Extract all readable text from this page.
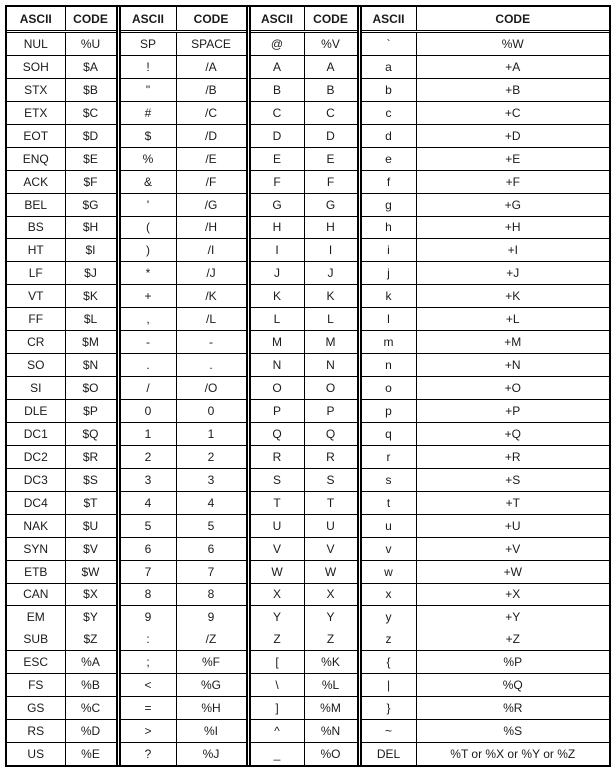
ASCII	CODE	ASCII	CODE	ASCII	CODE	ASCII	CODE
NUL	%U	SP	SPACE	@	%V	`	%W
SOH	$A	!	/A	A	A	a	+A
STX	$B	"	/B	B	B	b	+B
ETX	$C	#	/C	C	C	c	+C
EOT	$D	$	/D	D	D	d	+D
ENQ	$E	%	/E	E	E	e	+E
ACK	$F	&	/F	F	F	f	+F
BEL	$G	'	/G	G	G	g	+G
BS	$H	(	/H	H	H	h	+H
HT	$I	)	/I	I	I	i	+I
LF	$J	*	/J	J	J	j	+J
VT	$K	+	/K	K	K	k	+K
FF	$L	,	/L	L	L	l	+L
CR	$M	-	-	M	M	m	+M
SO	$N	.	.	N	N	n	+N
SI	$O	/	/O	O	O	o	+O
DLE	$P	0	0	P	P	p	+P
DC1	$Q	1	1	Q	Q	q	+Q
DC2	$R	2	2	R	R	r	+R
DC3	$S	3	3	S	S	s	+S
DC4	$T	4	4	T	T	t	+T
NAK	$U	5	5	U	U	u	+U
SYN	$V	6	6	V	V	v	+V
ETB	$W	7	7	W	W	w	+W
CAN	$X	8	8	X	X	x	+X
EM	$Y	9	9	Y	Y	y	+Y
SUB	$Z	:	/Z	Z	Z	z	+Z
ESC	%A	;	%F	[	%K	{	%P
FS	%B	<	%G	\	%L	|	%Q
GS	%C	=	%H	]	%M	}	%R
RS	%D	>	%I	^	%N	~	%S
US	%E	?	%J	_	%O	DEL	%T or %X or %Y or %Z
